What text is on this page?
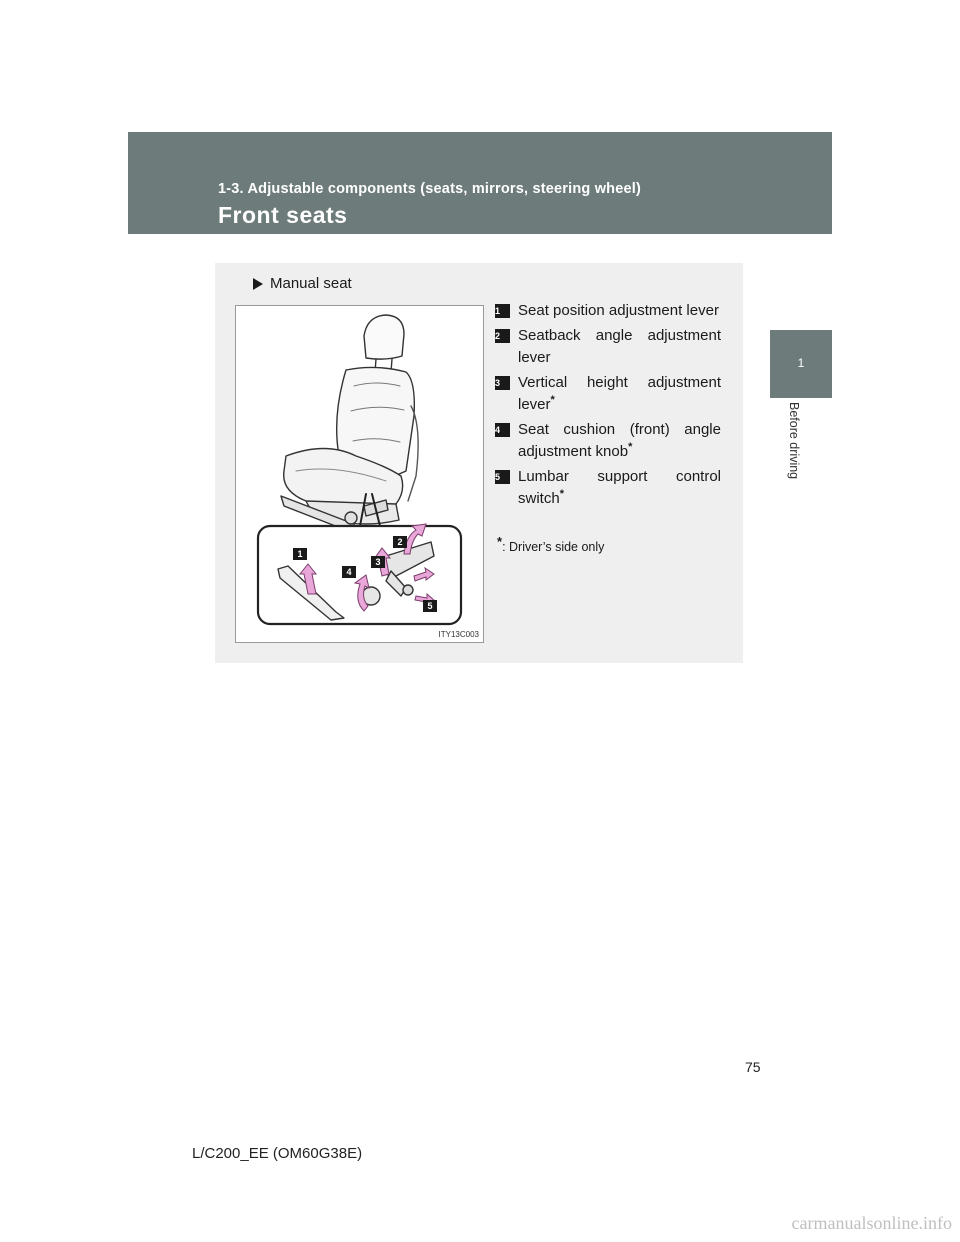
1-3. Adjustable components (seats, mirrors, steering wheel)
Front seats
1
Before driving
Manual seat
1
2
3
4
5
ITY13C003
1	Seat position adjustment lever
2	Seatback angle adjustment lever
3	Vertical height adjustment lever*
4	Seat cushion (front) angle adjustment knob*
5	Lumbar support control switch*
*: Driver’s side only
75
L/C200_EE (OM60G38E)
carmanualsonline.info
